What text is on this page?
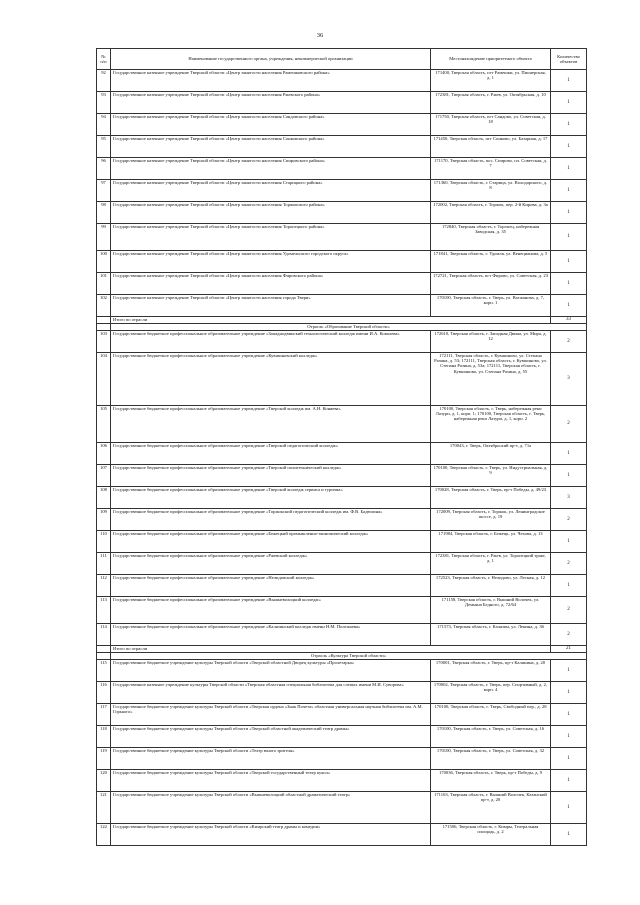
36
№ п/п	Наименование государственного органа, учреждения, некоммерческой организации	Местонахождение приоритетного объекта	Количество объектов
92	Государственное казенное учреждение Тверской области «Центр занятости населения Рамешковского района»	171400, Тверская область, пгт Рамешки, ул. Пионерская, д. 1	1
93	Государственное казенное учреждение Тверской области «Центр занятости населения Ржевского района»	172381, Тверская область, г. Ржев, ул. Октябрьская, д. 10	1
94	Государственное казенное учреждение Тверской области «Центр занятости населения Сандовского района»	171750, Тверская область, пгт Сандово, ул. Советская, д. 18	1
95	Государственное казенное учреждение Тверской области «Центр занятости населения Сонковского района»	171450, Тверская область, пгт Сонково, ул. Базарная, д. 17	1
96	Государственное казенное учреждение Тверской области «Центр занятости населения Спировского района»	171170, Тверская область, пос. Спирово, пл. Советская, д. 7	1
97	Государственное казенное учреждение Тверской области «Центр занятости населения Старицкого района»	171360, Тверская область, г. Старица, ул. Володарского, д. 8	1
98	Государственное казенное учреждение Тверской области «Центр занятости населения Торжокского района»	172002, Тверская область, г. Торжок, пер. 2-й Кирова, д. 3а	1
99	Государственное казенное учреждение Тверской области «Центр занятости населения Торопецкого района»	172840, Тверская область, г. Торопец, набережная Заводская, д. 35	1
100	Государственное казенное учреждение Тверской области «Центр занятости населения Удомельского городского округа»	171841, Тверская область, г. Удомля, ул. Венецианова, д. 5	1
101	Государственное казенное учреждение Тверской области «Центр занятости населения Фировского района»	172721, Тверская область, пгт Фирово, ул. Советская, д. 23	1
102	Государственное казенное учреждение Тверской области «Центр занятости населения города Твери»	170100, Тверская область, г. Тверь, ул. Вагжанова, д. 7, корп. 1	1
	Итого по отрасли		33
	Отрасль «Образование Тверской области»		
103	Государственное бюджетное профессиональное образовательное учреждение «Западнодвинский технологический колледж имени И.А. Ковалева»	172610, Тверская область, г. Западная Двина, ул. Мира, д. 12	2
104	Государственное бюджетное профессиональное образовательное учреждение «Кувшиновский колледж»	172111, Тверская область, г. Кувшиново, ул. Степана Разина, д. 53; 172111, Тверская область, г. Кувшиново, ул. Степана Разина, д. 53а; 172111, Тверская область, г. Кувшиново, ул. Степана Разина, д. 55	3
105	Государственное бюджетное профессиональное образовательное учреждение «Тверской колледж им. А.Н. Коняева»	170100, Тверская область, г. Тверь, набережная реки Лазури, д. 1, корп. 1; 170100, Тверская область, г. Тверь, набережная реки Лазури, д. 1, корп. 2	2
106	Государственное бюджетное профессиональное образовательное учреждение «Тверской педагогический колледж»	170043, г. Тверь, Октябрьский пр-т, д. 71а	1
107	Государственное бюджетное профессиональное образовательное учреждение «Тверской политехнический колледж»	170100, Тверская область, г. Тверь, ул. Индустриальная, д. 9	1
108	Государственное бюджетное профессиональное образовательное учреждение «Тверской колледж сервиса и туризма»	170028, Тверская область, г. Тверь, пр-т Победы, д. 49/23	3
109	Государственное бюджетное профессиональное образовательное учреждение «Торжокский педагогический колледж им. Ф.В. Бадюлина»	172009, Тверская область, г. Торжок, ул. Ленинградское шоссе, д. 19	2
110	Государственное бюджетное профессиональное образовательное учреждение «Бежецкий промышленно-экономический колледж»	171984, Тверская область, г. Бежецк, ул. Чехова, д. 13	1
111	Государственное бюджетное профессиональное образовательное учреждение «Ржевский колледж»	172381, Тверская область, г. Ржев, ул. Торопецкий тракт, д. 1	2
112	Государственное бюджетное профессиональное образовательное учреждение «Нелидовский колледж»	172523, Тверская область, г. Нелидово, ул. Лесная, д. 12	1
113	Государственное бюджетное профессиональное образовательное учреждение «Вышневолоцкий колледж»	171158, Тверская область, г. Вышний Волочек, ул. Демьяна Бедного, д. 72/64	2
114	Государственное бюджетное профессиональное образовательное учреждение «Калязинский колледж имени Н.М. Полежаева»	171573, Тверская область, г. Калязин, ул. Ленина, д. 36	2
	Итого по отрасли		21
	Отрасль «Культура Тверской области»		
115	Государственное бюджетное учреждение культуры Тверской области «Тверской областной Дворец культуры «Пролетарка»	170001, Тверская область, г. Тверь, пр-т Калинина, д. 20	1
116	Государственное казенное учреждение культуры Тверской области «Тверская областная специальная библиотека для слепых имени М.И. Суворова»	170002, Тверская область, г. Тверь, пер. Спортивный, д. 2, корп. 4	1
117	Государственное бюджетное учреждение культуры Тверской области «Тверская ордена «Знак Почета» областная универсальная научная библиотека им. А.М. Горького»	170100, Тверская область, г. Тверь, Свободный пер., д. 28	1
118	Государственное бюджетное учреждение культуры Тверской области «Тверской областной академический театр драмы»	170100, Тверская область, г. Тверь, ул. Советская, д. 16	1
119	Государственное бюджетное учреждение культуры Тверской области «Театр юного зрителя»	170100, Тверская область, г. Тверь, ул. Советская, д. 32	1
120	Государственное бюджетное учреждение культуры Тверской области «Тверской государственный театр кукол»	170036, Тверская область, г. Тверь, пр-т Победы, д. 9	1
121	Государственное бюджетное учреждение культуры Тверской области «Вышневолоцкий областной драматический театр»	171163, Тверская область, г. Вышний Волочек, Казанский пр-т, д. 20	1
122	Государственное бюджетное учреждение культуры Тверской области «Кимрский театр драмы и комедии»	171506, Тверская область, г. Кимры, Театральная площадь, д. 2	1
